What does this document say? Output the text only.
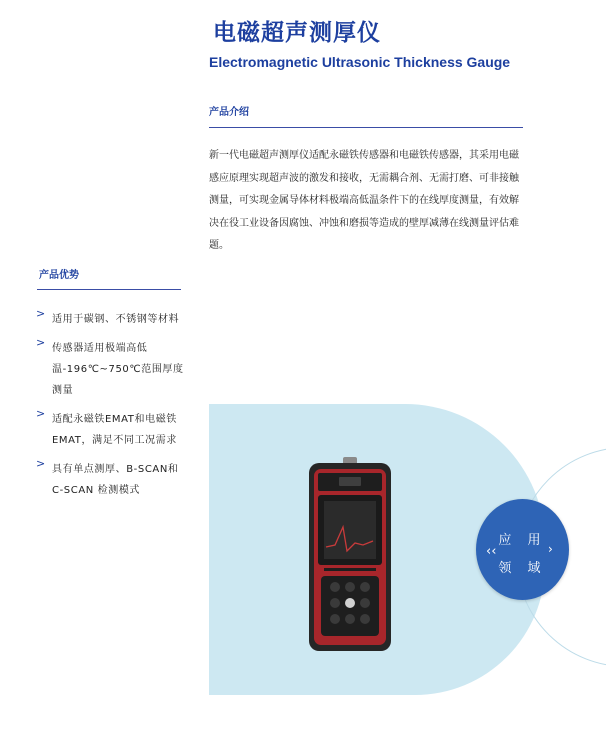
电磁超声测厚仪
Electromagnetic Ultrasonic Thickness Gauge
产品介绍

新一代电磁超声测厚仪适配永磁铁传感器和电磁铁传感器，其采用电磁感应原理实现超声波的激发和接收，无需耦合剂、无需打磨、可非接触测量，可实现金属导体材料极端高低温条件下的在线厚度测量，有效解决在役工业设备因腐蚀、冲蚀和磨损等造成的壁厚减薄在线测量评估难题。

产品优势
> 适用于碳钢、不锈钢等材料
> 传感器适用极端高低温-196℃~750℃范围厚度测量
> 适配永磁铁EMAT和电磁铁EMAT，满足不同工况需求
> 具有单点测厚、B-SCAN和C-SCAN 检测模式
应 用
领 域
‹‹	›
